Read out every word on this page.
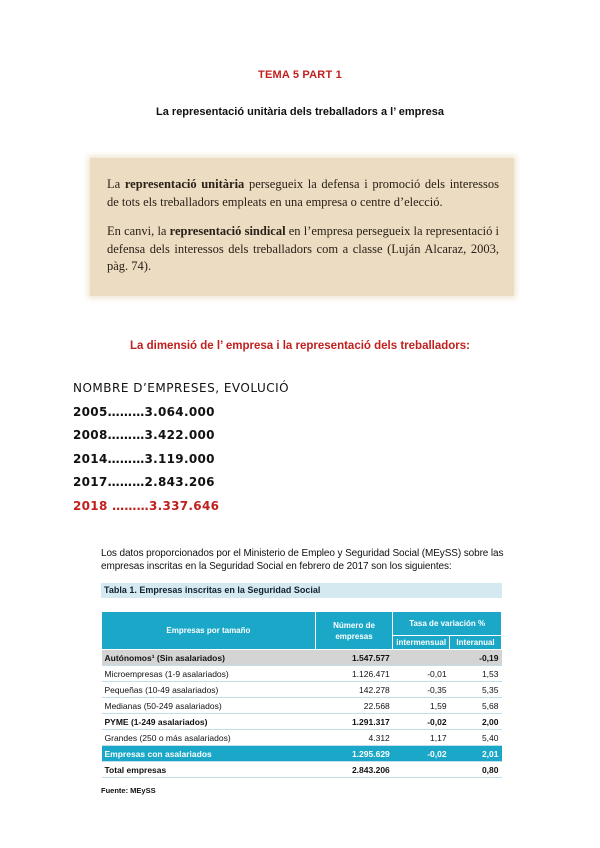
TEMA 5 PART 1
La representació unitària dels treballadors a l’ empresa

La representació unitària persegueix la defensa i promoció dels interessos de tots els treballadors empleats en una empresa o centre d’elecció.

En canvi, la representació sindical en l’empresa persegueix la representació i defensa dels interessos dels treballadors com a classe (Luján Alcaraz, 2003, pàg. 74).

La dimensió de l’ empresa i la representació dels treballadors:
NOMBRE D’EMPRESES, EVOLUCIÓ
2005………3.064.000
2008………3.422.000
2014………3.119.000
2017………2.843.206
2018 ………3.337.646
Los datos proporcionados por el Ministerio de Empleo y Seguridad Social (MEySS) sobre las empresas inscritas en la Seguridad Social en febrero de 2017 son los siguientes:
Tabla 1. Empresas inscritas en la Seguridad Social
Empresas por tamaño	Número de empresas	Tasa de variación %	
		intermensual	Interanual
Autónomos¹ (Sin asalariados)	1.547.577		-0,19
Microempresas (1-9 asalariados)	1.126.471	-0,01	1,53
Pequeñas (10-49 asalariados)	142.278	-0,35	5,35
Medianas (50-249 asalariados)	22.568	1,59	5,68
PYME (1-249 asalariados)	1.291.317	-0,02	2,00
Grandes (250 o más asalariados)	4.312	1,17	5,40
Empresas con asalariados	1.295.629	-0,02	2,01
Total empresas	2.843.206		0,80
Fuente: MEySS
